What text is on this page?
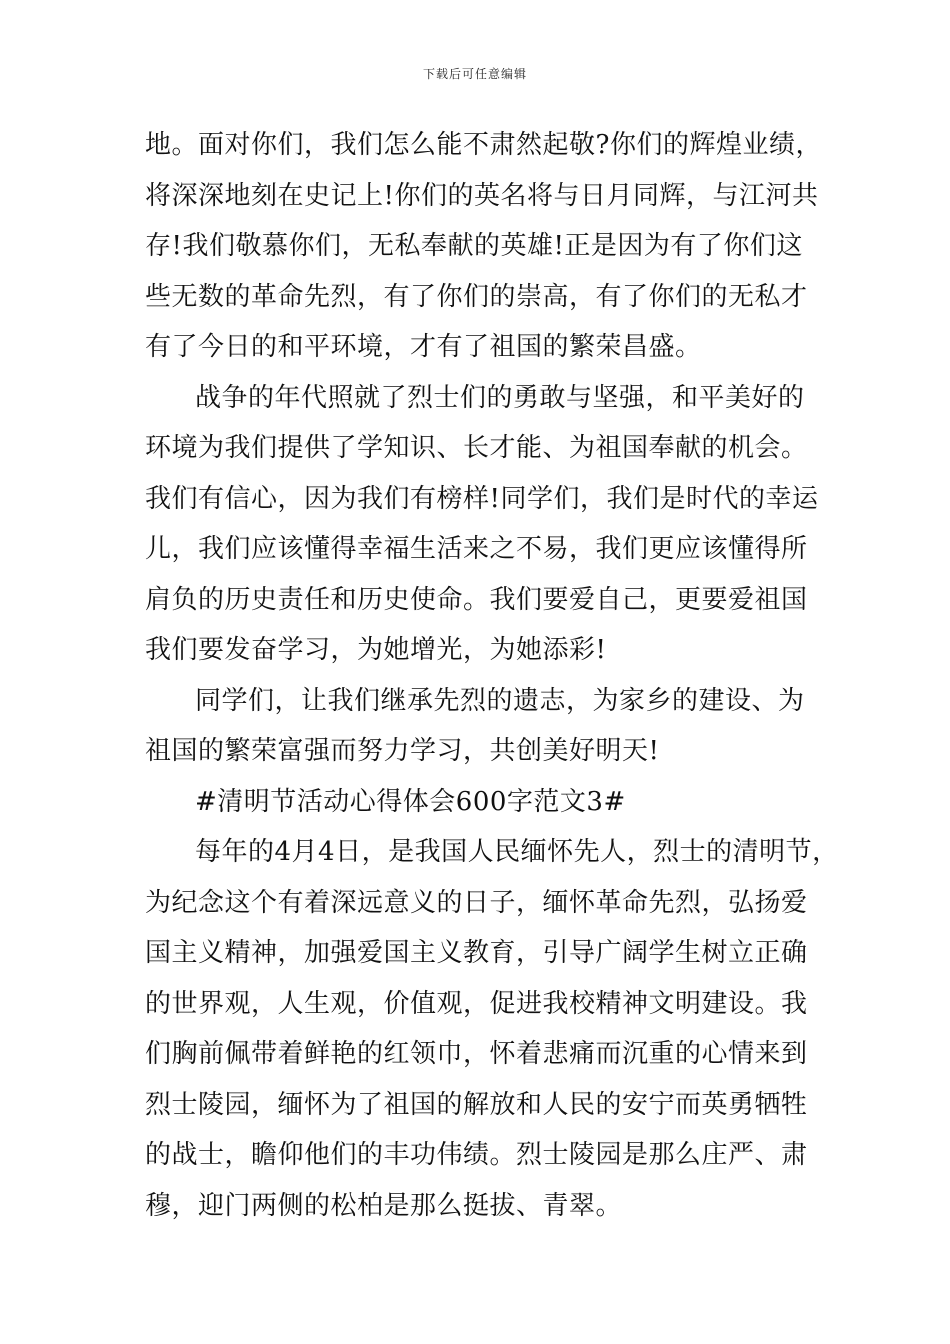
下载后可任意编辑
地。面对你们，我们怎么能不肃然起敬?你们的辉煌业绩，
将深深地刻在史记上!你们的英名将与日月同辉，与江河共
存!我们敬慕你们，无私奉献的英雄!正是因为有了你们这
些无数的革命先烈，有了你们的崇高，有了你们的无私才
有了今日的和平环境，才有了祖国的繁荣昌盛。
战争的年代照就了烈士们的勇敢与坚强，和平美好的
环境为我们提供了学知识、长才能、为祖国奉献的机会。
我们有信心，因为我们有榜样!同学们，我们是时代的幸运
儿，我们应该懂得幸福生活来之不易，我们更应该懂得所
肩负的历史责任和历史使命。我们要爱自己，更要爱祖国
我们要发奋学习，为她增光，为她添彩!
同学们，让我们继承先烈的遗志，为家乡的建设、为
祖国的繁荣富强而努力学习，共创美好明天!
#清明节活动心得体会600字范文3#
每年的4月4日，是我国人民缅怀先人，烈士的清明节，
为纪念这个有着深远意义的日子，缅怀革命先烈，弘扬爱
国主义精神，加强爱国主义教育，引导广阔学生树立正确
的世界观，人生观，价值观，促进我校精神文明建设。我
们胸前佩带着鲜艳的红领巾，怀着悲痛而沉重的心情来到
烈士陵园，缅怀为了祖国的解放和人民的安宁而英勇牺牲
的战士，瞻仰他们的丰功伟绩。烈士陵园是那么庄严、肃
穆，迎门两侧的松柏是那么挺拔、青翠。
